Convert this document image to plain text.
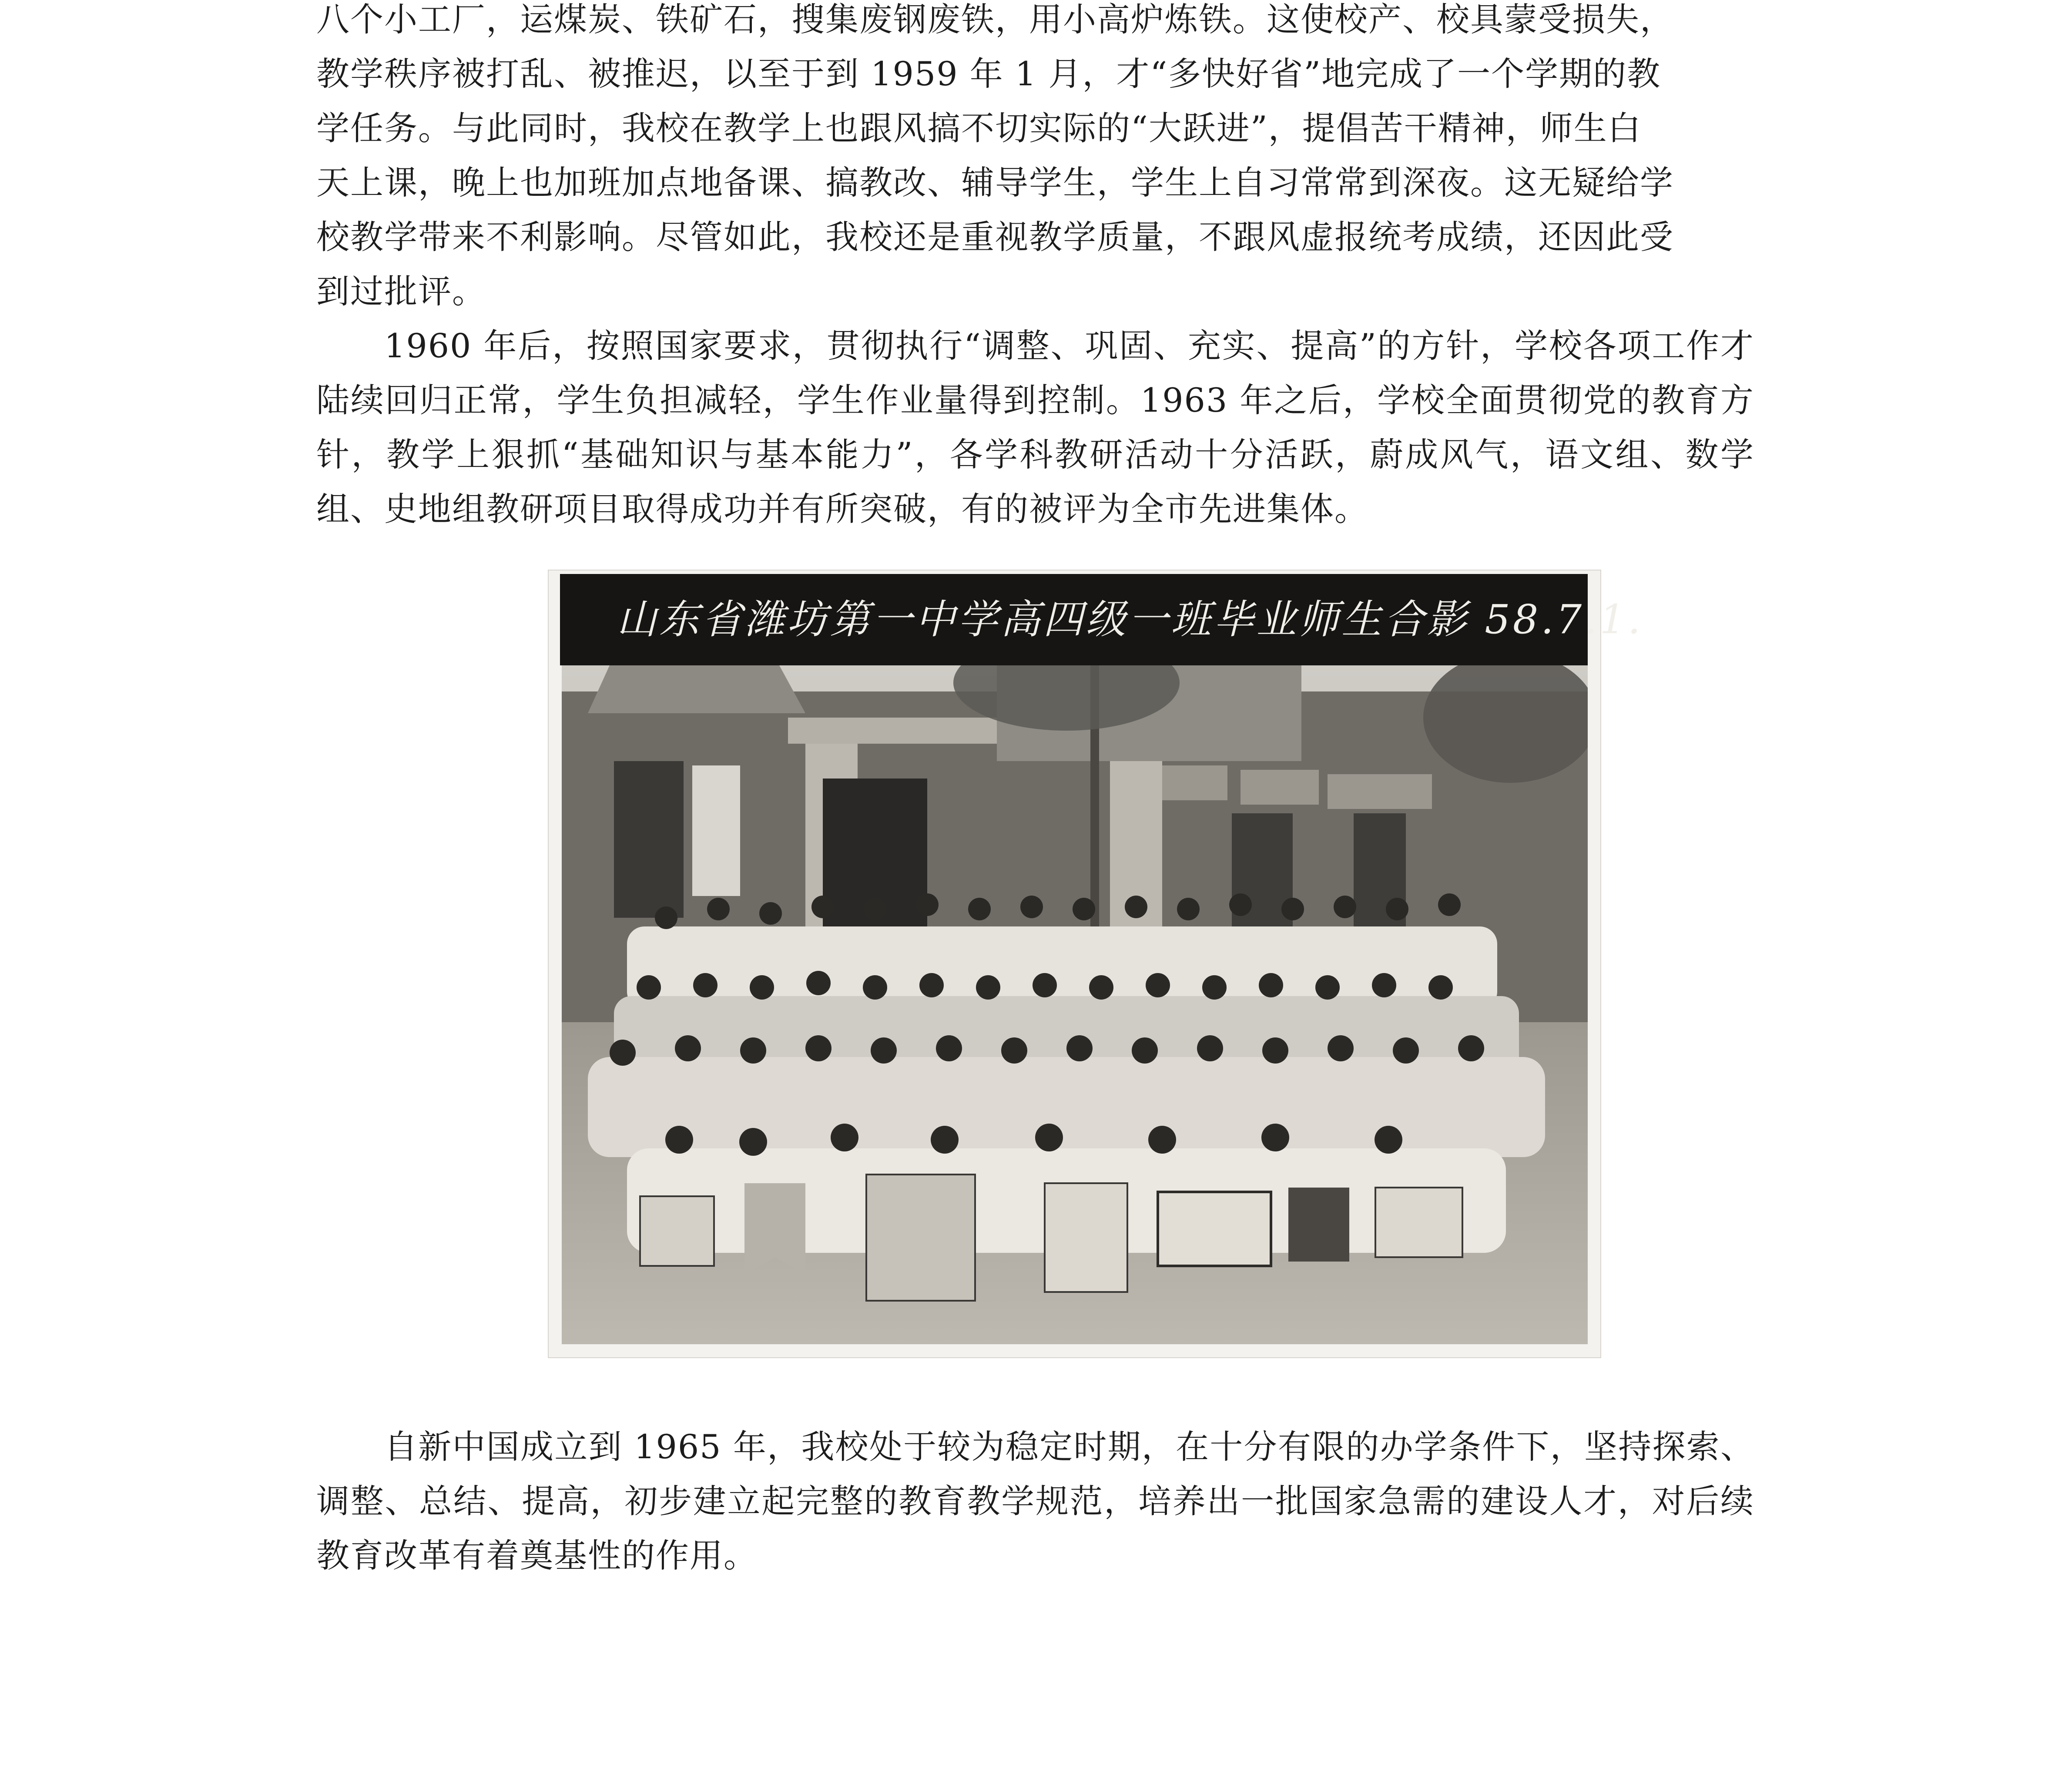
八个小工厂，运煤炭、铁矿石，搜集废钢废铁，用小高炉炼铁。这使校产、校具蒙受损失，

教学秩序被打乱、被推迟，以至于到 1959 年 1 月，才“多快好省”地完成了一个学期的教

学任务。与此同时，我校在教学上也跟风搞不切实际的“大跃进”，提倡苦干精神，师生白

天上课，晚上也加班加点地备课、搞教改、辅导学生，学生上自习常常到深夜。这无疑给学

校教学带来不利影响。尽管如此，我校还是重视教学质量，不跟风虚报统考成绩，还因此受

到过批评。

1960 年后，按照国家要求，贯彻执行“调整、巩固、充实、提高”的方针，学校各项工作才陆续回归正常，学生负担减轻，学生作业量得到控制。1963 年之后，学校全面贯彻党的教育方针，教学上狠抓“基础知识与基本能力”，各学科教研活动十分活跃，蔚成风气，语文组、数学组、史地组教研项目取得成功并有所突破，有的被评为全市先进集体。

山东省潍坊第一中学高四级一班毕业师生合影 58.7.1.

自新中国成立到 1965 年，我校处于较为稳定时期，在十分有限的办学条件下，坚持探索、调整、总结、提高，初步建立起完整的教育教学规范，培养出一批国家急需的建设人才，对后续教育改革有着奠基性的作用。
